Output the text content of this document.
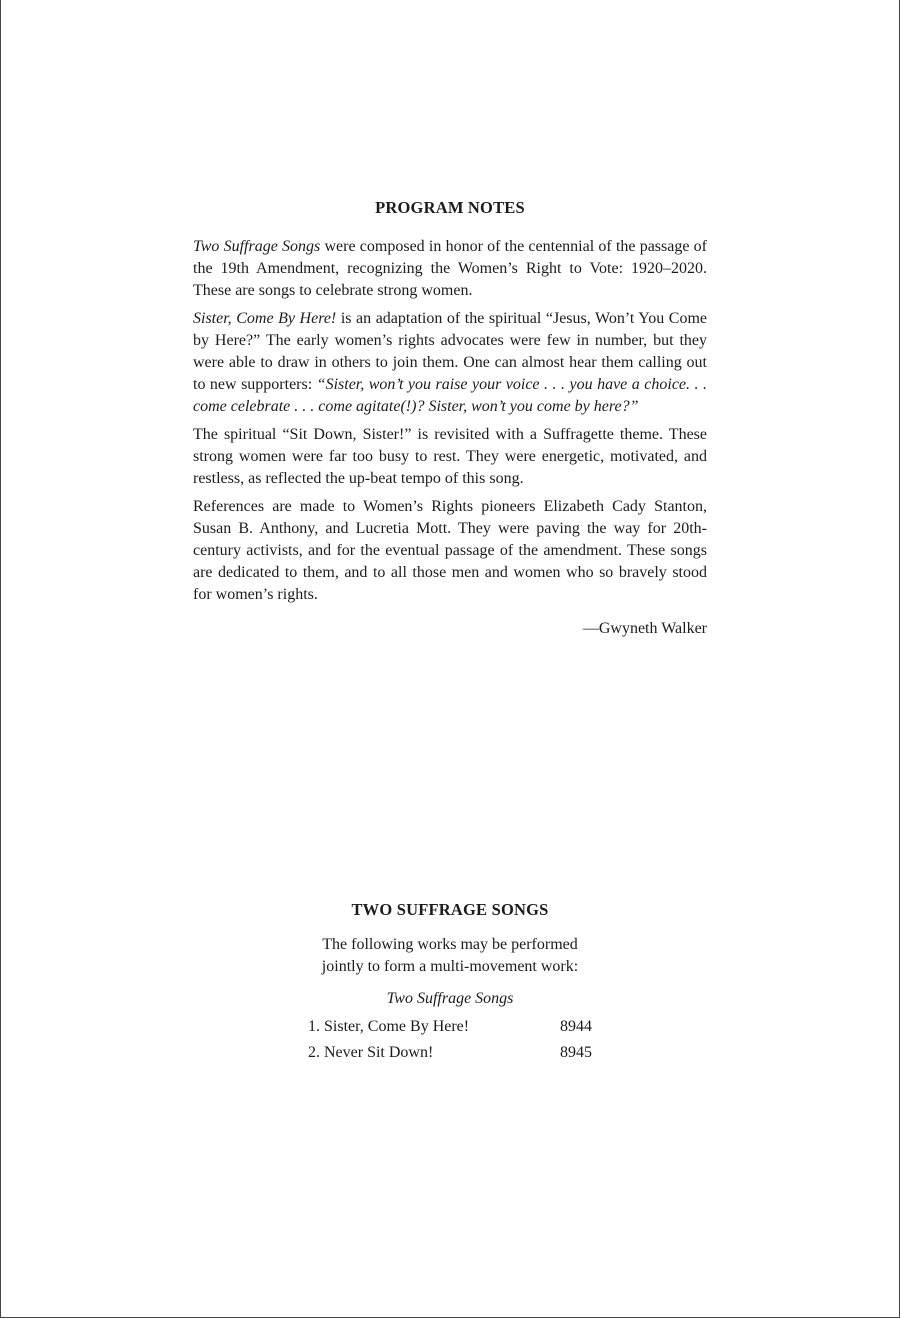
PROGRAM NOTES

Two Suffrage Songs were composed in honor of the centennial of the passage of the 19th Amendment, recognizing the Women’s Right to Vote: 1920–2020. These are songs to celebrate strong women.

Sister, Come By Here! is an adaptation of the spiritual “Jesus, Won’t You Come by Here?” The early women’s rights advocates were few in number, but they were able to draw in others to join them. One can almost hear them calling out to new supporters: “Sister, won’t you raise your voice . . . you have a choice. . . come celebrate . . . come agitate(!)? Sister, won’t you come by here?”

The spiritual “Sit Down, Sister!” is revisited with a Suffragette theme. These strong women were far too busy to rest. They were energetic, motivated, and restless, as reflected the up-beat tempo of this song.

References are made to Women’s Rights pioneers Elizabeth Cady Stanton, Susan B. Anthony, and Lucretia Mott. They were paving the way for 20th-century activists, and for the eventual passage of the amendment. These songs are dedicated to them, and to all those men and women who so bravely stood for women’s rights.

—Gwyneth Walker
TWO SUFFRAGE SONGS

The following works may be performed
jointly to form a multi-movement work:

Two Suffrage Songs
1. Sister, Come By Here!	8944
2. Never Sit Down!	8945
